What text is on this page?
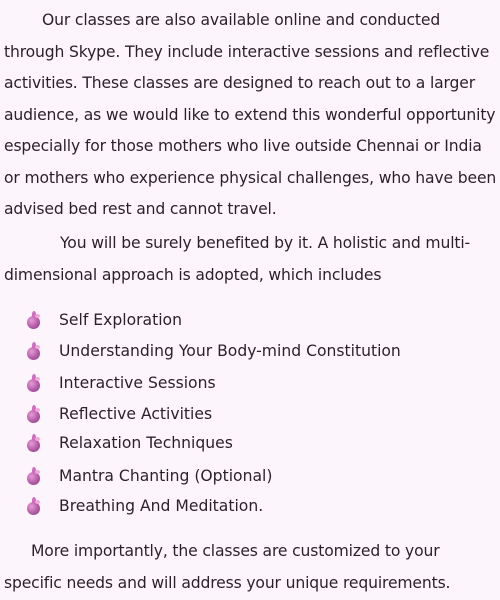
Our classes are also available online and conducted through Skype. They include interactive sessions and reflective activities. These classes are designed to reach out to a larger audience, as we would like to extend this wonderful opportunity especially for those mothers who live outside Chennai or India or mothers who experience physical challenges, who have been advised bed rest and cannot travel.

You will be surely benefited by it. A holistic and multi-dimensional approach is adopted, which includes

Self Exploration
Understanding Your Body-mind Constitution
Interactive Sessions
Reflective Activities
Relaxation Techniques
Mantra Chanting (Optional)
Breathing And Meditation.

More importantly, the classes are customized to your specific needs and will address your unique requirements.
